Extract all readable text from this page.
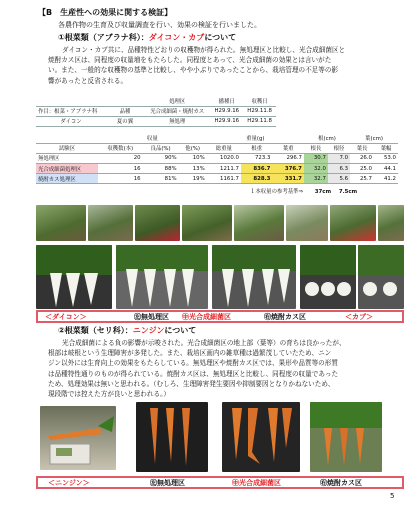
【B　生産性への効果に関する検証】
各農作物の生育及び収量調査を行い、効果の検証を行いました。
①根菜類（アブラナ科）：ダイコン・カブについて
ダイコン・カブ共に、品種特性どおりの収穫物が得られた。無処理区と比較し、光合成細菌区と
焼酎カス区は、同程度の収量増をもたらした。同程度とあって、光合成細菌の効果とは言いがた
い。また、一般的な収穫物の基準と比較し、やや小ぶりであったことから、栽培管理の不足等の影
響があったと反省される。
		処理区	播種日	収穫日
作目：根菜・アブラナ科	品種	光合成細菌・焼酎カス	H29.9.16	H29.11.8
ダイコン	夏の翼	無処理	H29.9.16	H29.11.8
	収量			重量(g)			根(cm)		葉(cm)	
試験区	収穫数(本)	良品(%)	他(%)	総重量	根重	葉重	根長	根径	葉長	葉幅
無処理区	20	90%	10%	1020.0	723.3	296.7	30.7	7.0	26.0	53.0
光合成細菌処理区	16	88%	13%	1211.7	836.7	376.7	32.0	6.3	25.0	44.1
焼酎カス処理区	16	81%	19%	1161.7	828.3	331.7	32.7	5.6	25.7	41.2
１本収量の参考基準⇒ 37cm 7.5cm
＜ダイコン＞	㊧無処理区 ㊥光合成細菌区	㊨焼酎カス区	＜カブ＞
②根菜類（セリ科）：ニンジンについて
光合成細菌による負の影響が示唆された。光合成細菌区の地上部（葉等）の育ちは良かったが、
根部は岐根という生理障害が多発した。また、栽培区画内の雑草種は過繁茂していたため、ニン
ジン以外には生育向上の効果をもたらしている。無処理区や焼酎カス区では、果形や品質等の形質
は品種特性通りのものが得られている。焼酎カス区は、無処理区と比較し、同程度の収量であった
ため、処理効果は無いと思われる。（むしろ、生理障害発生要因や抑制要因となりかねないため、
現段階では控えた方が良いと思われる。）
＜ニンジン＞	㊧無処理区	㊥光合成細菌区	㊨焼酎カス区
5
